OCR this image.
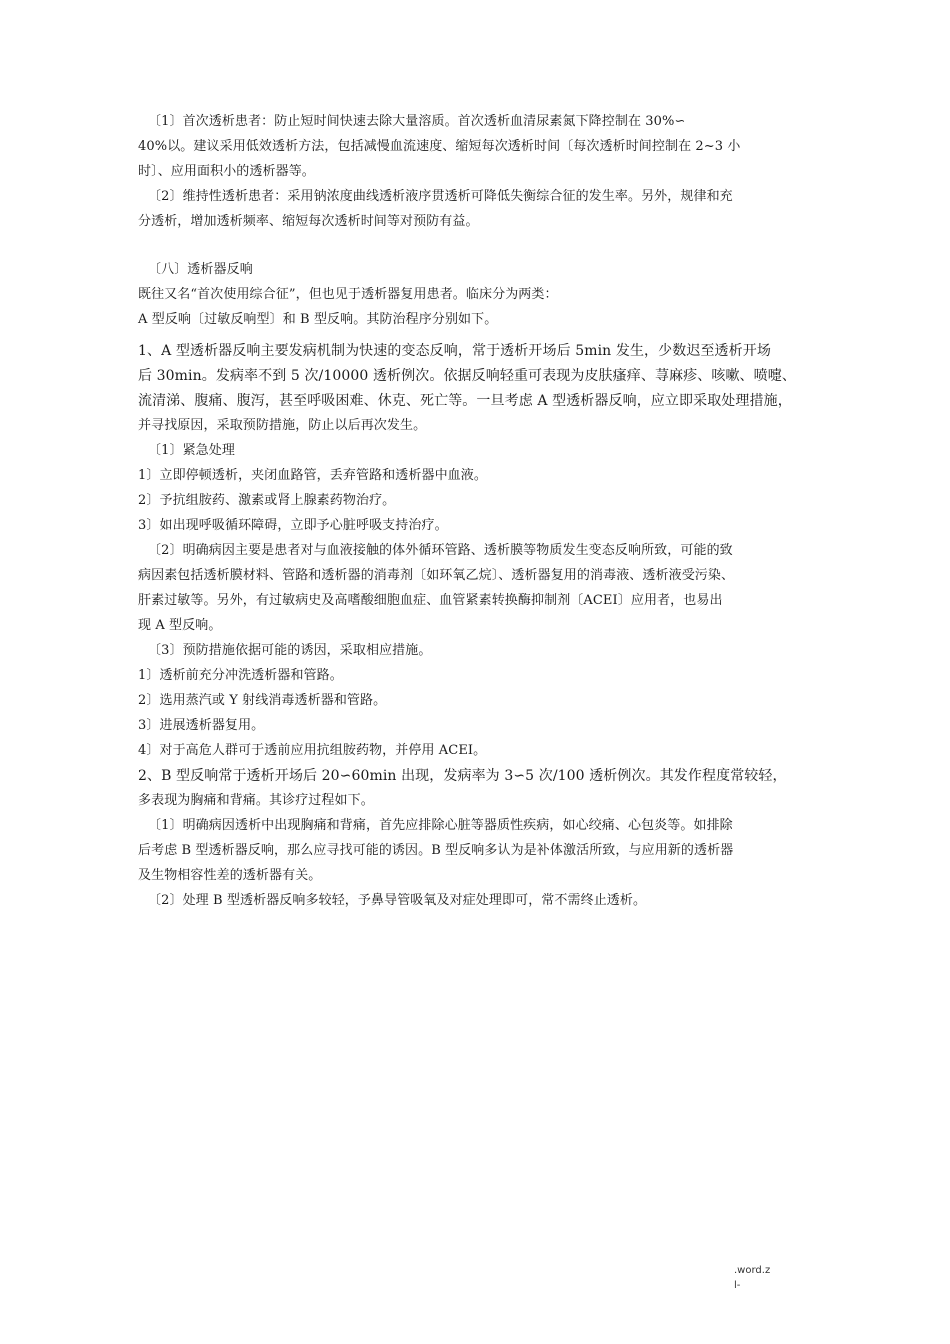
〔1〕首次透析患者：防止短时间快速去除大量溶质。首次透析血清尿素氮下降控制在 30%∽
40%以。建议采用低效透析方法，包括减慢血流速度、缩短每次透析时间〔每次透析时间控制在 2~3 小
时〕、应用面积小的透析器等。
〔2〕维持性透析患者：采用钠浓度曲线透析液序贯透析可降低失衡综合征的发生率。另外，规律和充
分透析，增加透析频率、缩短每次透析时间等对预防有益。
〔八〕透析器反响
既往又名“首次使用综合征”，但也见于透析器复用患者。临床分为两类：
A 型反响〔过敏反响型〕和 B 型反响。其防治程序分别如下。
1、A 型透析器反响主要发病机制为快速的变态反响，常于透析开场后 5min 发生，少数迟至透析开场
后 30min。发病率不到 5 次/10000 透析例次。依据反响轻重可表现为皮肤瘙痒、荨麻疹、咳嗽、喷嚏、
流清涕、腹痛、腹泻，甚至呼吸困难、休克、死亡等。一旦考虑 A 型透析器反响，应立即采取处理措施，
并寻找原因，采取预防措施，防止以后再次发生。
〔1〕紧急处理
1〕立即停顿透析，夹闭血路管，丢弃管路和透析器中血液。
2〕予抗组胺药、激素或肾上腺素药物治疗。
3〕如出现呼吸循环障碍，立即予心脏呼吸支持治疗。
〔2〕明确病因主要是患者对与血液接触的体外循环管路、透析膜等物质发生变态反响所致，可能的致
病因素包括透析膜材料、管路和透析器的消毒剂〔如环氧乙烷〕、透析器复用的消毒液、透析液受污染、
肝素过敏等。另外，有过敏病史及高嗜酸细胞血症、血管紧素转换酶抑制剂〔ACEI〕应用者，也易出
现 A 型反响。
〔3〕预防措施依据可能的诱因，采取相应措施。
1〕透析前充分冲洗透析器和管路。
2〕选用蒸汽或 Y 射线消毒透析器和管路。
3〕进展透析器复用。
4〕对于高危人群可于透前应用抗组胺药物，并停用 ACEI。
2、B 型反响常于透析开场后 20∽60min 出现，发病率为 3∽5 次/100 透析例次。其发作程度常较轻，
多表现为胸痛和背痛。其诊疗过程如下。
〔1〕明确病因透析中出现胸痛和背痛，首先应排除心脏等器质性疾病，如心绞痛、心包炎等。如排除
后考虑 B 型透析器反响，那么应寻找可能的诱因。B 型反响多认为是补体激活所致，与应用新的透析器
及生物相容性差的透析器有关。
〔2〕处理 B 型透析器反响多较轻，予鼻导管吸氧及对症处理即可，常不需终止透析。
.word.z
l-
